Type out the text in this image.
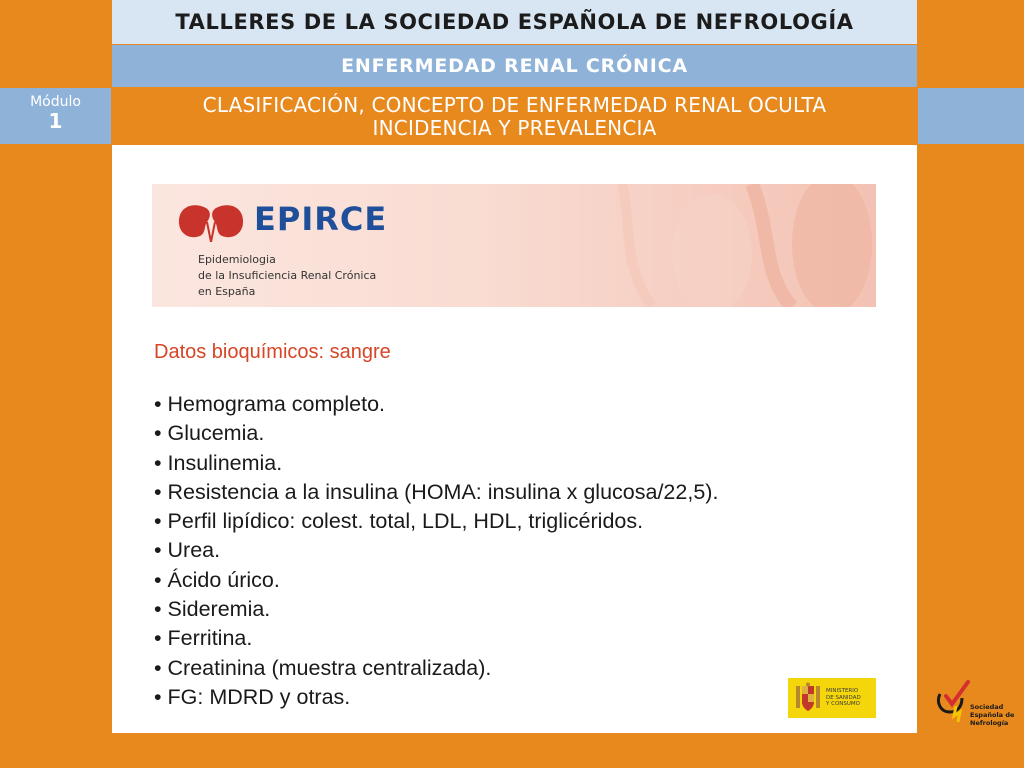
TALLERES DE LA SOCIEDAD ESPAÑOLA DE NEFROLOGÍA
ENFERMEDAD RENAL CRÓNICA
Módulo
1
CLASIFICACIÓN, CONCEPTO DE ENFERMEDAD RENAL OCULTA
INCIDENCIA Y PREVALENCIA
EPIRCE
Epidemiologia
de la Insuficiencia Renal Crónica
en España
Datos bioquímicos: sangre
• Hemograma completo.
• Glucemia.
• Insulinemia.
• Resistencia a la insulina (HOMA: insulina x glucosa/22,5).
• Perfil lipídico: colest. total, LDL, HDL, triglicéridos.
• Urea.
• Ácido úrico.
• Sideremia.
• Ferritina.
• Creatinina (muestra centralizada).
• FG: MDRD y otras.	MINISTERIO
DE SANIDAD
Y CONSUMO	Sociedad
Española de
Nefrología
